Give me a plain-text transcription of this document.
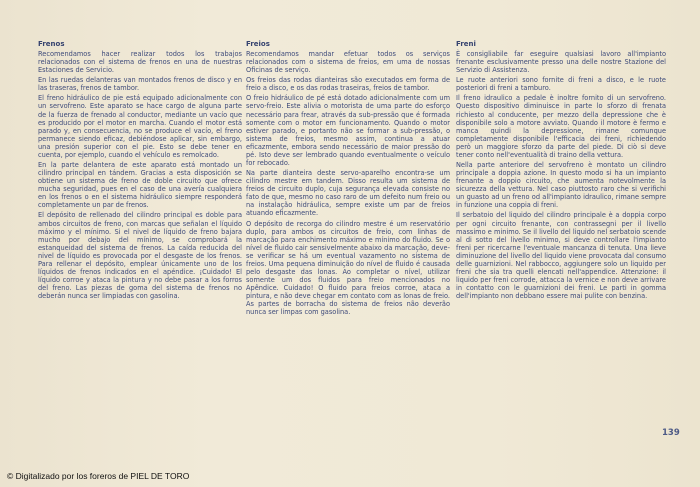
Frenos

Recomendamos hacer realizar todos los trabajos relacionados con el sistema de frenos en una de nuestras Estaciones de Servicio.

En las ruedas delanteras van montados frenos de disco y en las traseras, frenos de tambor.

El freno hidráulico de pie está equipado adicionalmente con un servofreno. Este aparato se hace cargo de alguna parte de la fuerza de frenado al conductor, mediante un vacío que es producido por el motor en marcha. Cuando el motor está parado y, en consecuencia, no se produce el vacío, el freno permanece siendo eficaz, debiéndose aplicar, sin embargo, una presión superior con el pie. Esto se debe tener en cuenta, por ejemplo, cuando el vehículo es remolcado.

En la parte delantera de este aparato está montado un cilindro principal en tándem. Gracias a esta disposición se obtiene un sistema de freno de doble circuito que ofrece mucha seguridad, pues en el caso de una avería cualquiera en los frenos o en el sistema hidráulico siempre responderá completamente un par de frenos.

El depósito de rellenado del cilindro principal es doble para ambos circuitos de freno, con marcas que señalan el líquido máximo y el mínimo. Si el nivel de líquido de freno bajara mucho por debajo del mínimo, se comprobará la estanqueidad del sistema de frenos. La caída reducida del nivel de líquido es provocada por el desgaste de los frenos. Para rellenar el depósito, emplear únicamente uno de los líquidos de frenos indicados en el apéndice. ¡Cuidado! El líquido corroe y ataca la pintura y no debe pasar a los forros del freno. Las piezas de goma del sistema de frenos no deberán nunca ser limpiadas con gasolina.

Freios

Recomendamos mandar efetuar todos os serviços relacionados com o sistema de freios, em uma de nossas Oficinas de serviço.

Os freios das rodas dianteiras são executados em forma de freio a disco, e os das rodas traseiras, freios de tambor.

O freio hidráulico de pé está dotado adicionalmente com um servo-freio. Este alivia o motorista de uma parte do esforço necessário para frear, através da sub-pressão que é formada somente com o motor em funcionamento. Quando o motor estiver parado, e portanto não se formar a sub-pressão, o sistema de freios, mesmo assim, continua a atuar eficazmente, embora sendo necessário de maior pressão do pé. Isto deve ser lembrado quando eventualmente o veículo for rebocado.

Na parte dianteira deste servo-aparelho encontra-se um cilindro mestre em tandem. Disso resulta um sistema de freios de circuito duplo, cuja segurança elevada consiste no fato de que, mesmo no caso raro de um defeito num freio ou na instalação hidráulica, sempre existe um par de freios atuando eficazmente.

O depósito de recorga do cilindro mestre é um reservatório duplo, para ambos os circuitos de freio, com linhas de marcação para enchimento máximo e mínimo do fluido. Se o nível de fluido cair sensivelmente abaixo da marcação, deve-se verificar se há um eventual vazamento no sistema de freios. Uma pequena diminuição do nível de fluido é causada pelo desgaste das lonas. Ao completar o nível, utilizar somente um dos fluidos para freio mencionados no Apêndice. Cuidado! O fluido para freios corroe, ataca a pintura, e não deve chegar em contato com as lonas de freio. As partes de borracha do sistema de freios não deverão nunca ser limpas com gasolina.

Freni

È consigliabile far eseguire qualsiasi lavoro all'impianto frenante esclusivamente presso una delle nostre Stazione del Servizio di Assistenza.

Le ruote anteriori sono fornite di freni a disco, e le ruote posteriori di freni a tamburo.

Il freno idraulico a pedale è inoltre fornito di un servofreno. Questo dispositivo diminuisce in parte lo sforzo di frenata richiesto al conducente, per mezzo della depressione che è disponibile solo a motore avviato. Quando il motore è fermo e manca quindi la depressione, rimane comunque completamente disponibile l'efficacia dei freni, richiedendo però un maggiore sforzo da parte del piede. Di ciò si deve tener conto nell'eventualità di traino della vettura.

Nella parte anteriore del servofreno è montato un cilindro principale a doppia azione. In questo modo si ha un impianto frenante a doppio circuito, che aumenta notevolmente la sicurezza della vettura. Nel caso piuttosto raro che si verifichi un guasto ad un freno od all'impianto idraulico, rimane sempre in funzione una coppia di freni.

Il serbatoio del liquido del cilindro principale è a doppia corpo per ogni circuito frenante, con contrassegni per il livello massimo e minimo. Se il livello del liquido nel serbatoio scende al di sotto del livello minimo, si deve controllare l'impianto freni per ricercarne l'eventuale mancanza di tenuta. Una lieve diminuzione del livello del liquido viene provocata dal consumo delle guarnizioni. Nel rabbocco, aggiungere solo un liquido per freni che sia tra quelli elencati nell'appendice. Attenzione: il liquido per freni corrode, attacca la vernice e non deve arrivare in contatto con le guarnizioni dei freni. Le parti in gomma dell'impianto non debbano essere mai pulite con benzina.

139
© Digitalizado por los foreros de PIEL DE TORO
